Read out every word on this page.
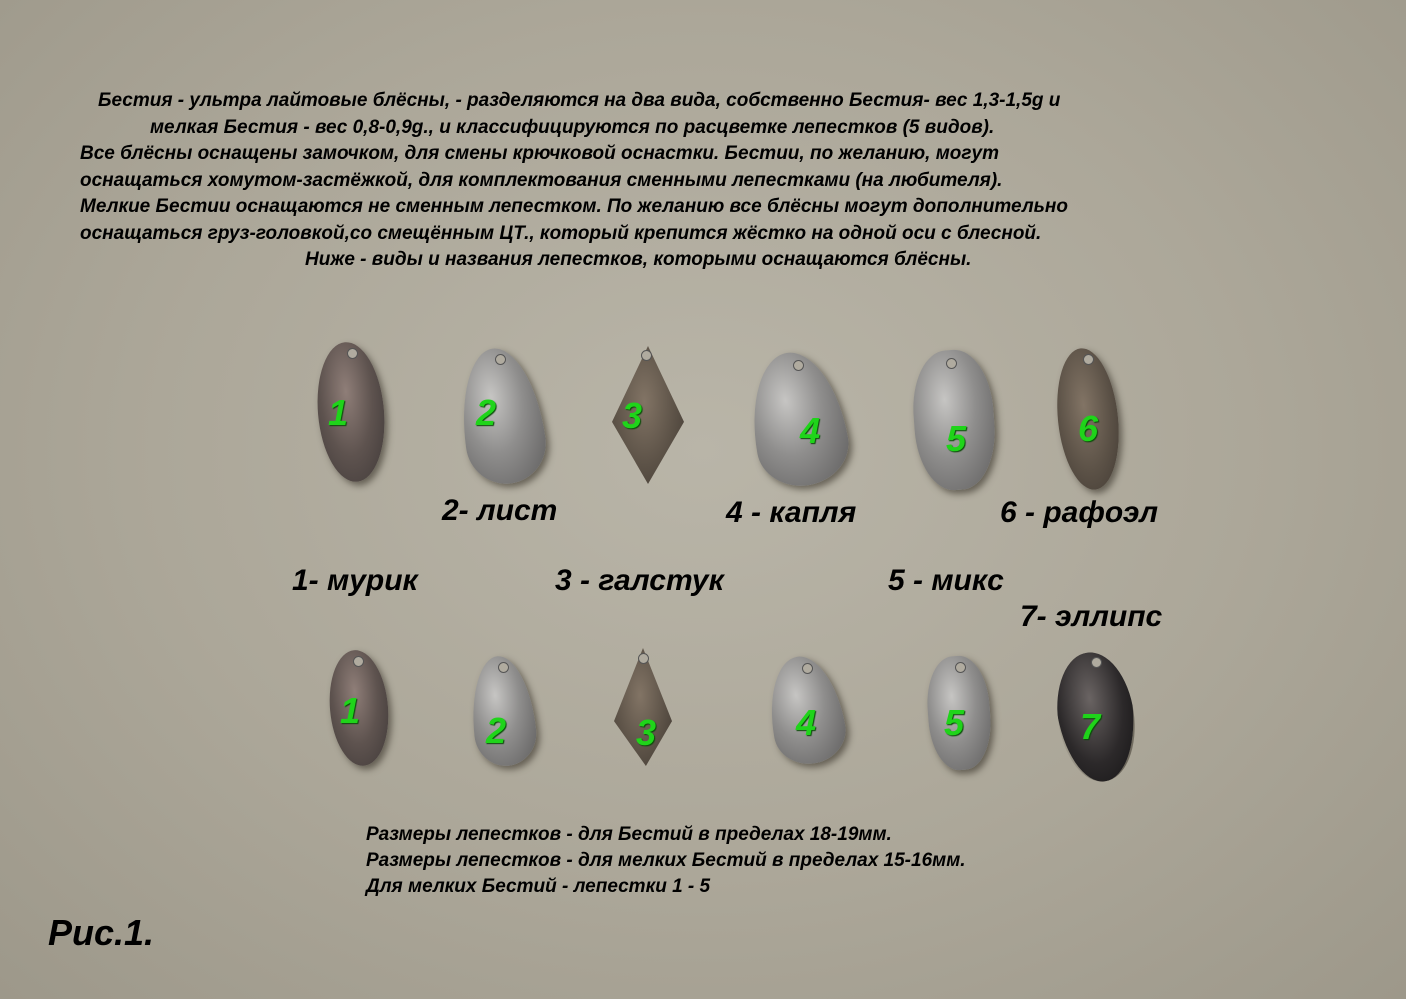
Бестия - ультра лайтовые блёсны, - разделяются на два вида, собственно Бестия- вес 1,3-1,5g и
мелкая Бестия - вес 0,8-0,9g., и классифицируются по расцветке лепестков (5 видов).
Все блёсны оснащены замочком, для смены крючковой оснастки. Бестии, по желанию, могут
оснащаться хомутом-застёжкой, для комплектования сменными лепестками (на любителя).
Мелкие Бестии оснащаются не сменным лепестком. По желанию все блёсны могут дополнительно
оснащаться груз-головкой,со смещённым ЦТ., который крепится жёстко на одной оси с блесной.
Ниже - виды и названия лепестков, которыми оснащаются блёсны.
1	2	3	4	5	6
2- лист	4 - капля	6 - рафоэл
1- мурик	3 - галстук	5 - микс
7- эллипс
1	2	3	4	5	7
Размеры лепестков - для Бестий в пределах 18-19мм.
Размеры лепестков - для мелких Бестий в пределах 15-16мм.
Для мелких Бестий - лепестки 1 - 5
Рис.1.
